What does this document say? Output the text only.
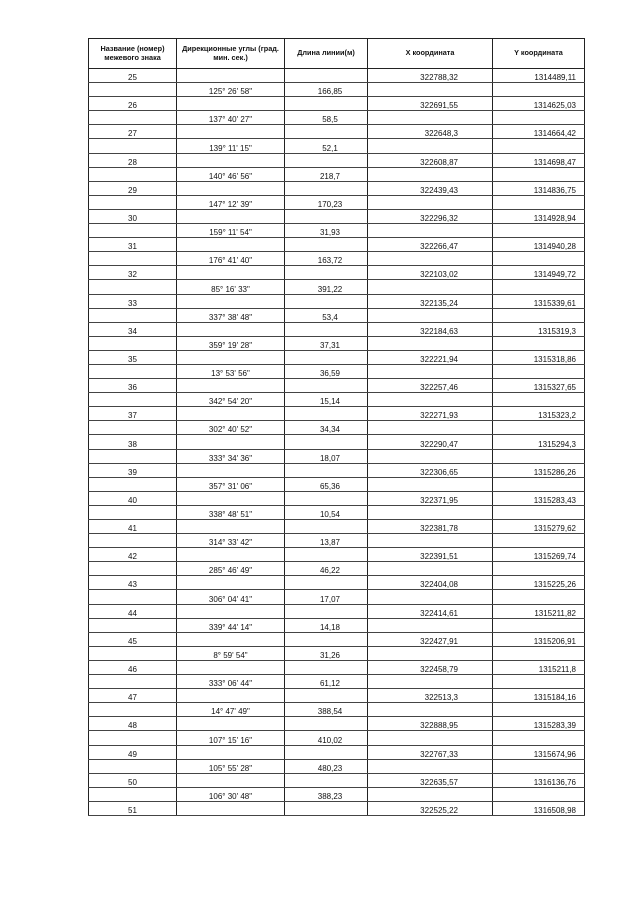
Название (номер) межевого знака	Дирекционные углы (град. мин. сек.)	Длина линии(м)	X координата	Y координата
25			322788,32	1314489,11
	125° 26' 58"	166,85		
26			322691,55	1314625,03
	137° 40' 27"	58,5		
27			322648,3	1314664,42
	139° 11' 15"	52,1		
28			322608,87	1314698,47
	140° 46' 56"	218,7		
29			322439,43	1314836,75
	147° 12' 39"	170,23		
30			322296,32	1314928,94
	159° 11' 54"	31,93		
31			322266,47	1314940,28
	176° 41' 40"	163,72		
32			322103,02	1314949,72
	85° 16' 33"	391,22		
33			322135,24	1315339,61
	337° 38' 48"	53,4		
34			322184,63	1315319,3
	359° 19' 28"	37,31		
35			322221,94	1315318,86
	13° 53' 56"	36,59		
36			322257,46	1315327,65
	342° 54' 20"	15,14		
37			322271,93	1315323,2
	302° 40' 52"	34,34		
38			322290,47	1315294,3
	333° 34' 36"	18,07		
39			322306,65	1315286,26
	357° 31' 06"	65,36		
40			322371,95	1315283,43
	338° 48' 51"	10,54		
41			322381,78	1315279,62
	314° 33' 42"	13,87		
42			322391,51	1315269,74
	285° 46' 49"	46,22		
43			322404,08	1315225,26
	306° 04' 41"	17,07		
44			322414,61	1315211,82
	339° 44' 14"	14,18		
45			322427,91	1315206,91
	8° 59' 54"	31,26		
46			322458,79	1315211,8
	333° 06' 44"	61,12		
47			322513,3	1315184,16
	14° 47' 49"	388,54		
48			322888,95	1315283,39
	107° 15' 16"	410,02		
49			322767,33	1315674,96
	105° 55' 28"	480,23		
50			322635,57	1316136,76
	106° 30' 48"	388,23		
51			322525,22	1316508,98
